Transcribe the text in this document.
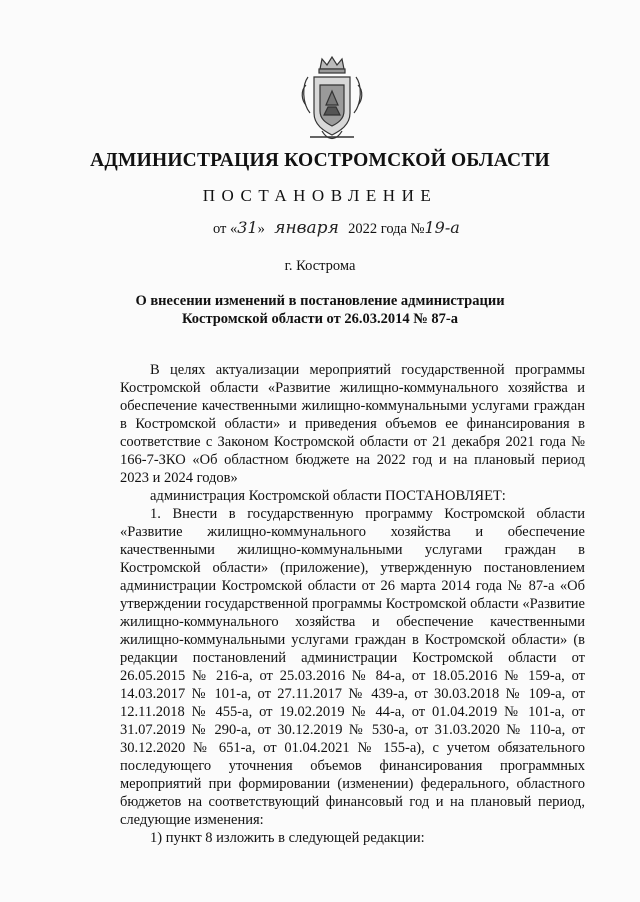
АДМИНИСТРАЦИЯ КОСТРОМСКОЙ ОБЛАСТИ
ПОСТАНОВЛЕНИЕ
от «31» января 2022 года №19-а
г. Кострома
О внесении изменений в постановление администрации
Костромской области от 26.03.2014 № 87-а

В целях актуализации мероприятий государственной программы Костромской области «Развитие жилищно-коммунального хозяйства и обеспечение качественными жилищно-коммунальными услугами граждан в Костромской области» и приведения объемов ее финансирования в соответствие с Законом Костромской области от 21 декабря 2021 года № 166-7-ЗКО «Об областном бюджете на 2022 год и на плановый период 2023 и 2024 годов»

администрация Костромской области ПОСТАНОВЛЯЕТ:

1. Внести в государственную программу Костромской области «Развитие жилищно-коммунального хозяйства и обеспечение качественными жилищно-коммунальными услугами граждан в Костромской области» (приложение), утвержденную постановлением администрации Костромской области от 26 марта 2014 года № 87-а «Об утверждении государственной программы Костромской области «Развитие жилищно-коммунального хозяйства и обеспечение качественными жилищно-коммунальными услугами граждан в Костромской области» (в редакции постановлений администрации Костромской области от 26.05.2015 № 216-а, от 25.03.2016 № 84-а, от 18.05.2016 № 159-а, от 14.03.2017 № 101-а, от 27.11.2017 № 439-а, от 30.03.2018 № 109-а, от 12.11.2018 № 455-а, от 19.02.2019 № 44-а, от 01.04.2019 № 101-а, от 31.07.2019 № 290-а, от 30.12.2019 № 530-а, от 31.03.2020 № 110-а, от 30.12.2020 № 651-а, от 01.04.2021 № 155-а), с учетом обязательного последующего уточнения объемов финансирования программных мероприятий при формировании (изменении) федерального, областного бюджетов на соответствующий финансовый год и на плановый период, следующие изменения:

1) пункт 8 изложить в следующей редакции:
